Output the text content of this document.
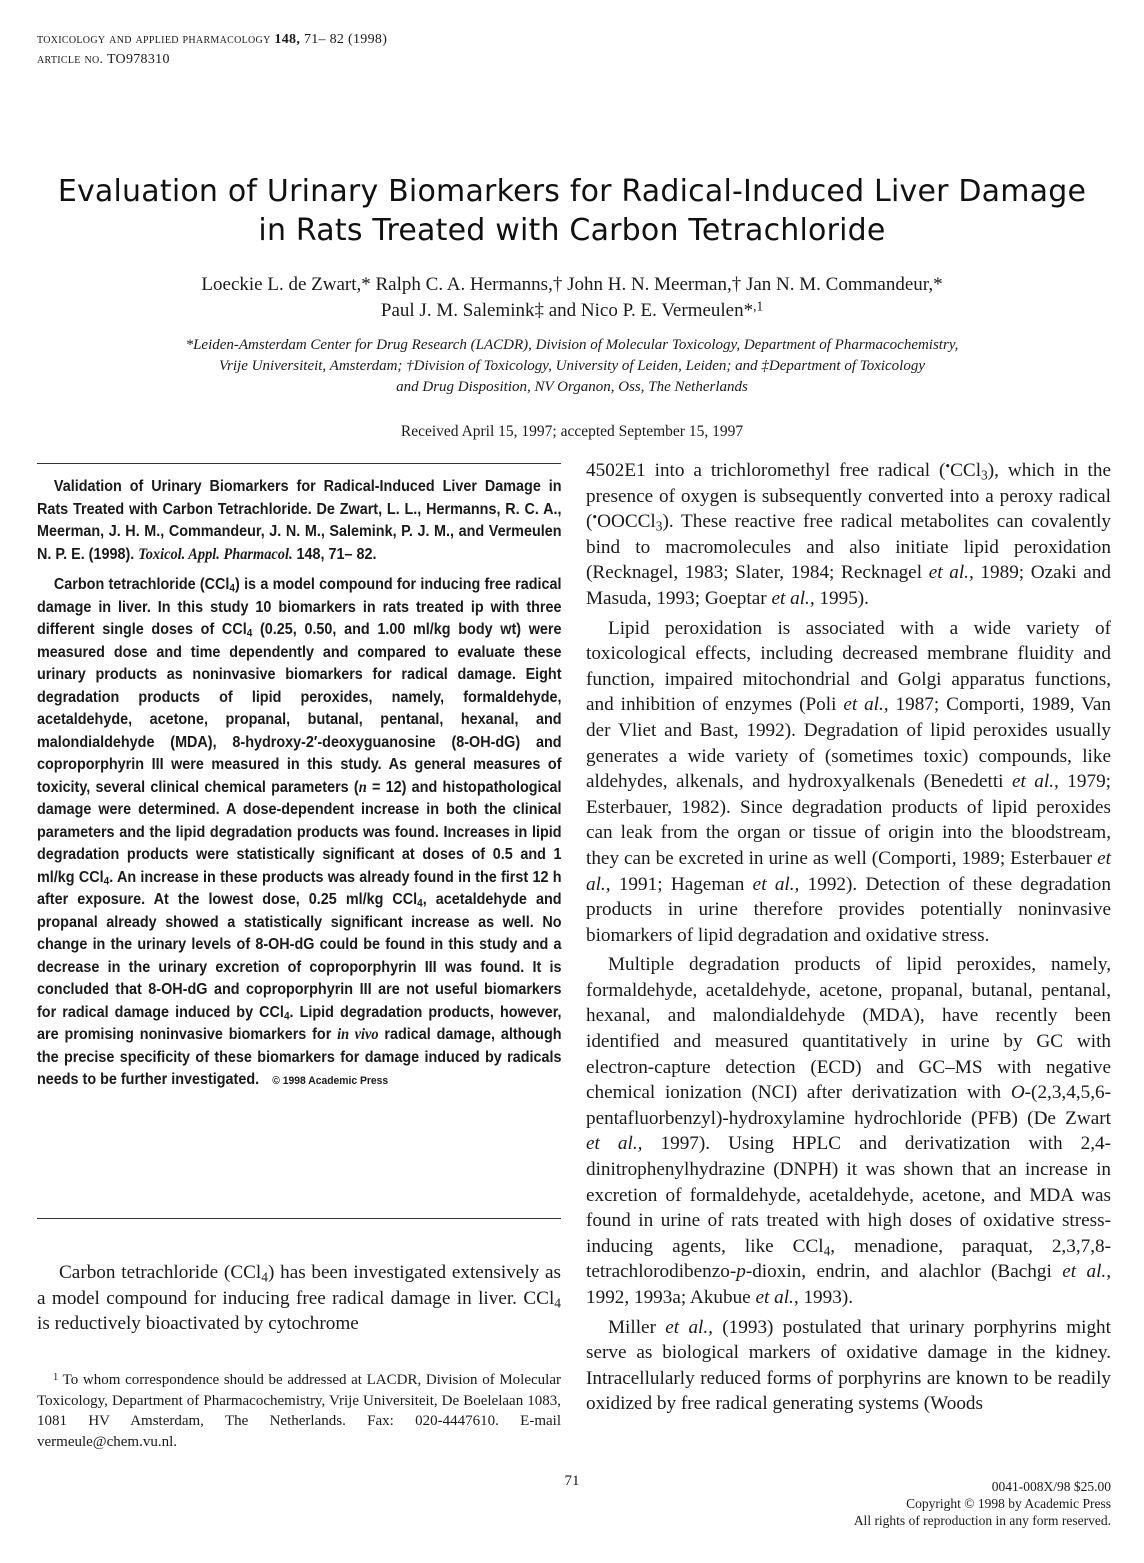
toxicology and applied pharmacology 148, 71– 82 (1998)
article no. TO978310
Evaluation of Urinary Biomarkers for Radical-Induced Liver Damage
in Rats Treated with Carbon Tetrachloride
Loeckie L. de Zwart,* Ralph C. A. Hermanns,† John H. N. Meerman,† Jan N. M. Commandeur,*
Paul J. M. Salemink‡ and Nico P. E. Vermeulen*$^{,1}$
*Leiden-Amsterdam Center for Drug Research (LACDR), Division of Molecular Toxicology, Department of Pharmacochemistry,
Vrije Universiteit, Amsterdam; †Division of Toxicology, University of Leiden, Leiden; and ‡Department of Toxicology
and Drug Disposition, NV Organon, Oss, The Netherlands
Received April 15, 1997; accepted September 15, 1997

Validation of Urinary Biomarkers for Radical-Induced Liver Damage in Rats Treated with Carbon Tetrachloride. De Zwart, L. L., Hermanns, R. C. A., Meerman, J. H. M., Commandeur, J. N. M., Salemink, P. J. M., and Vermeulen N. P. E. (1998). Toxicol. Appl. Pharmacol. 148, 71– 82.

Carbon tetrachloride (CCl$_4$) is a model compound for inducing free radical damage in liver. In this study 10 biomarkers in rats treated ip with three different single doses of CCl$_4$ (0.25, 0.50, and 1.00 ml/kg body wt) were measured dose and time dependently and compared to evaluate these urinary products as noninvasive biomarkers for radical damage. Eight degradation products of lipid peroxides, namely, formaldehyde, acetaldehyde, acetone, propanal, butanal, pentanal, hexanal, and malondialdehyde (MDA), 8-hydroxy-2′-deoxyguanosine (8-OH-dG) and coproporphyrin III were measured in this study. As general measures of toxicity, several clinical chemical parameters (n = 12) and histopathological damage were determined. A dose-dependent increase in both the clinical parameters and the lipid degradation products was found. Increases in lipid degradation products were statistically significant at doses of 0.5 and 1 ml/kg CCl$_4$. An increase in these products was already found in the first 12 h after exposure. At the lowest dose, 0.25 ml/kg CCl$_4$, acetaldehyde and propanal already showed a statistically significant increase as well. No change in the urinary levels of 8-OH-dG could be found in this study and a decrease in the urinary excretion of coproporphyrin III was found. It is concluded that 8-OH-dG and coproporphyrin III are not useful biomarkers for radical damage induced by CCl$_4$. Lipid degradation products, however, are promising noninvasive biomarkers for in vivo radical damage, although the precise specificity of these biomarkers for damage induced by radicals needs to be further investigated. © 1998 Academic Press

Carbon tetrachloride (CCl$_4$) has been investigated extensively as a model compound for inducing free radical damage in liver. CCl$_4$ is reductively bioactivated by cytochrome

$^1$ To whom correspondence should be addressed at LACDR, Division of Molecular Toxicology, Department of Pharmacochemistry, Vrije Universiteit, De Boelelaan 1083, 1081 HV Amsterdam, The Netherlands. Fax: 020-4447610. E-mail vermeule@chem.vu.nl.

4502E1 into a trichloromethyl free radical (•CCl$_3$), which in the presence of oxygen is subsequently converted into a peroxy radical (•OOCCl$_3$). These reactive free radical metabolites can covalently bind to macromolecules and also initiate lipid peroxidation (Recknagel, 1983; Slater, 1984; Recknagel et al., 1989; Ozaki and Masuda, 1993; Goeptar et al., 1995).

Lipid peroxidation is associated with a wide variety of toxicological effects, including decreased membrane fluidity and function, impaired mitochondrial and Golgi apparatus functions, and inhibition of enzymes (Poli et al., 1987; Comporti, 1989, Van der Vliet and Bast, 1992). Degradation of lipid peroxides usually generates a wide variety of (sometimes toxic) compounds, like aldehydes, alkenals, and hydroxyalkenals (Benedetti et al., 1979; Esterbauer, 1982). Since degradation products of lipid peroxides can leak from the organ or tissue of origin into the bloodstream, they can be excreted in urine as well (Comporti, 1989; Esterbauer et al., 1991; Hageman et al., 1992). Detection of these degradation products in urine therefore provides potentially noninvasive biomarkers of lipid degradation and oxidative stress.

Multiple degradation products of lipid peroxides, namely, formaldehyde, acetaldehyde, acetone, propanal, butanal, pentanal, hexanal, and malondialdehyde (MDA), have recently been identified and measured quantitatively in urine by GC with electron-capture detection (ECD) and GC–MS with negative chemical ionization (NCI) after derivatization with O-(2,3,4,5,6-pentafluorbenzyl)-hydroxylamine hydrochloride (PFB) (De Zwart et al., 1997). Using HPLC and derivatization with 2,4-dinitrophenylhydrazine (DNPH) it was shown that an increase in excretion of formaldehyde, acetaldehyde, acetone, and MDA was found in urine of rats treated with high doses of oxidative stress-inducing agents, like CCl$_4$, menadione, paraquat, 2,3,7,8-tetrachlorodibenzo-p-dioxin, endrin, and alachlor (Bachgi et al., 1992, 1993a; Akubue et al., 1993).

Miller et al., (1993) postulated that urinary porphyrins might serve as biological markers of oxidative damage in the kidney. Intracellularly reduced forms of porphyrins are known to be readily oxidized by free radical generating systems (Woods

71	0041-008X/98 $25.00
Copyright © 1998 by Academic Press
All rights of reproduction in any form reserved.
